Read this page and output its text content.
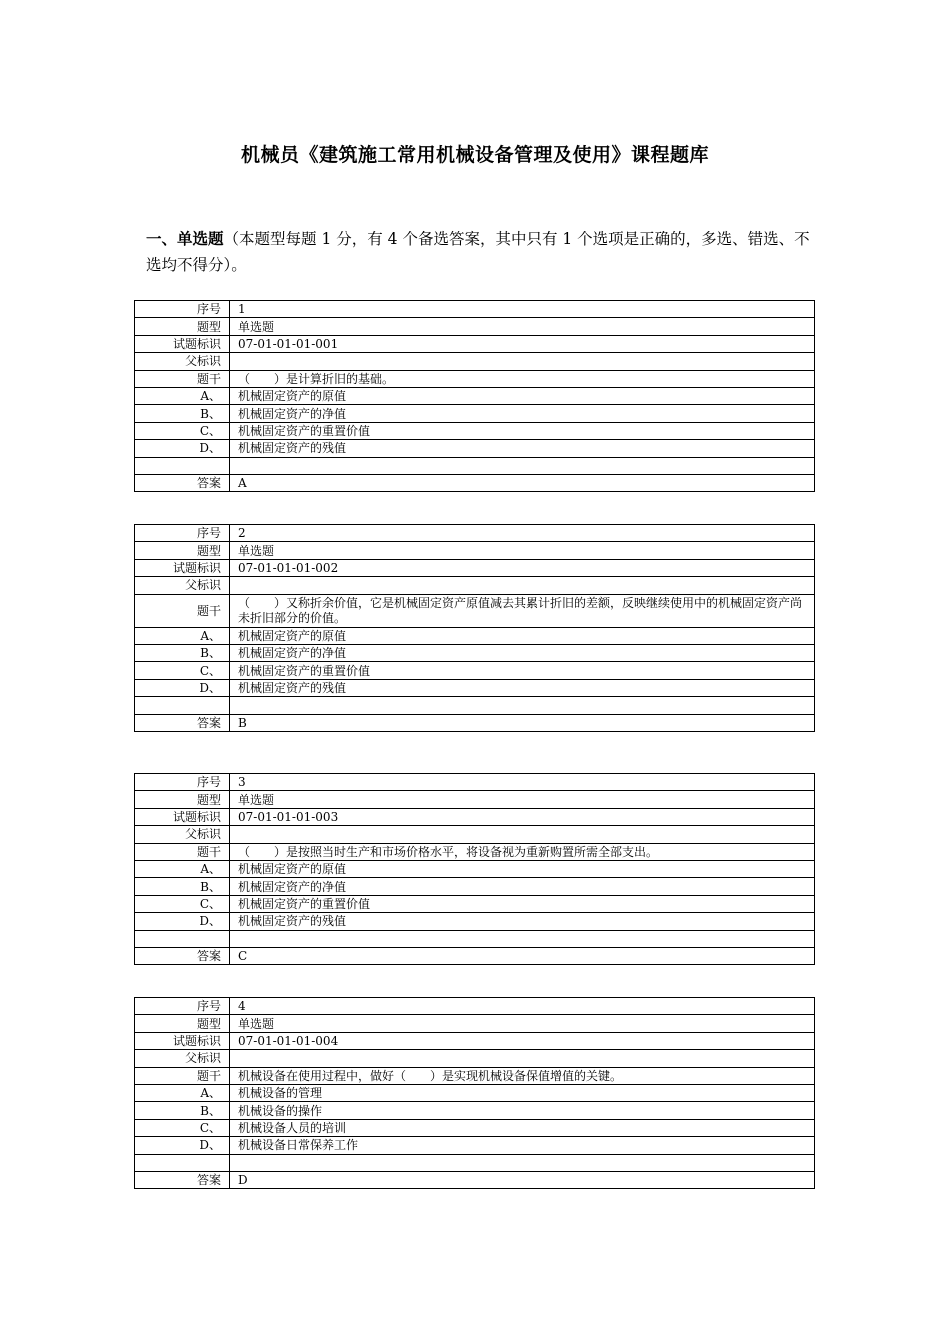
机械员《建筑施工常用机械设备管理及使用》课程题库
一、单选题（本题型每题 1 分，有 4 个备选答案，其中只有 1 个选项是正确的，多选、错选、不选均不得分）。
序号	1
题型	单选题
试题标识	07-01-01-01-001
父标识	
题干	（　　）是计算折旧的基础。
A、	机械固定资产的原值
B、	机械固定资产的净值
C、	机械固定资产的重置价值
D、	机械固定资产的残值

答案	A
序号	2
题型	单选题
试题标识	07-01-01-01-002
父标识	
题干	（　　）又称折余价值，它是机械固定资产原值减去其累计折旧的差额，反映继续使用中的机械固定资产尚未折旧部分的价值。
A、	机械固定资产的原值
B、	机械固定资产的净值
C、	机械固定资产的重置价值
D、	机械固定资产的残值

答案	B
序号	3
题型	单选题
试题标识	07-01-01-01-003
父标识	
题干	（　　）是按照当时生产和市场价格水平，将设备视为重新购置所需全部支出。
A、	机械固定资产的原值
B、	机械固定资产的净值
C、	机械固定资产的重置价值
D、	机械固定资产的残值

答案	C
序号	4
题型	单选题
试题标识	07-01-01-01-004
父标识	
题干	机械设备在使用过程中，做好（　　）是实现机械设备保值增值的关键。
A、	机械设备的管理
B、	机械设备的操作
C、	机械设备人员的培训
D、	机械设备日常保养工作

答案	D
